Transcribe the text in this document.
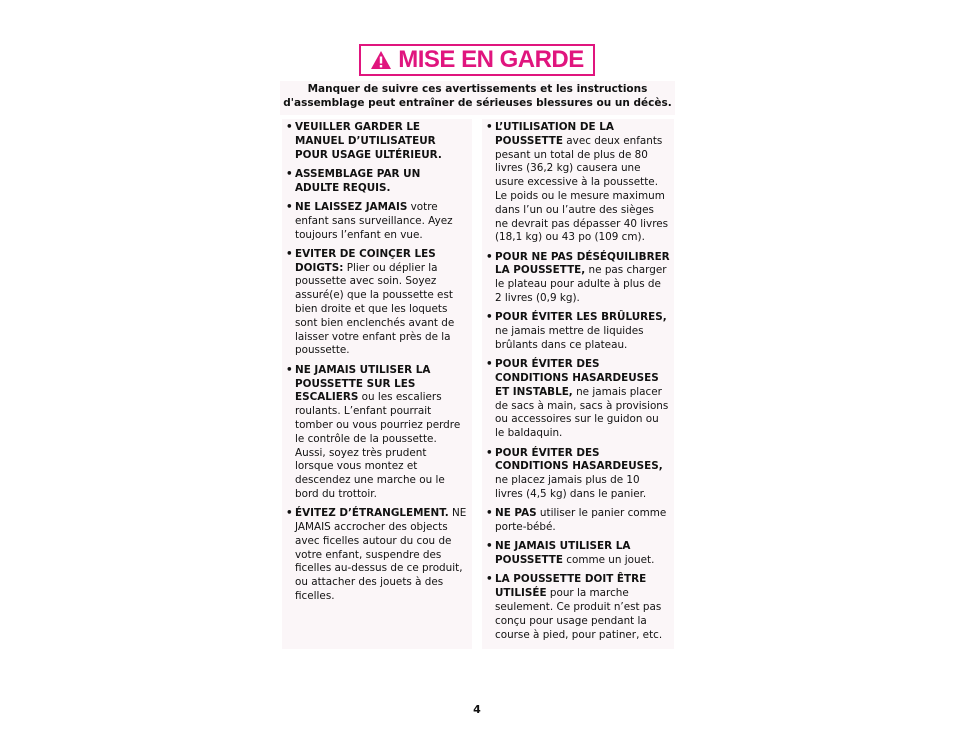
MISE EN GARDE
Manquer de suivre ces avertissements et les instructions
d'assemblage peut entraîner de sérieuses blessures ou un décès.
• VEUILLER GARDER LE MANUEL D’UTILISATEUR POUR USAGE ULTÉRIEUR.
• ASSEMBLAGE PAR UN ADULTE REQUIS.
• NE LAISSEZ JAMAIS votre enfant sans surveillance. Ayez toujours l’enfant en vue.
• EVITER DE COINÇER LES DOIGTS: Plier ou déplier la poussette avec soin. Soyez assuré(e) que la poussette est bien droite et que les loquets sont bien enclenchés avant de laisser votre enfant près de la poussette.
• NE JAMAIS UTILISER LA POUSSETTE SUR LES ESCALIERS ou les escaliers roulants. L’enfant pourrait tomber ou vous pourriez perdre le contrôle de la poussette. Aussi, soyez très prudent lorsque vous montez et descendez une marche ou le bord du trottoir.
• ÉVITEZ D’ÉTRANGLEMENT. NE JAMAIS accrocher des objects avec ficelles autour du cou de votre enfant, suspendre des ficelles au-dessus de ce produit, ou attacher des jouets à des ficelles.
• L’UTILISATION DE LA POUSSETTE avec deux enfants pesant un total de plus de 80 livres (36,2 kg) causera une usure excessive à la poussette. Le poids ou le mesure maximum dans l’un ou l’autre des sièges ne devrait pas dépasser 40 livres (18,1 kg) ou 43 po (109 cm).
• POUR NE PAS DÉSÉQUILIBRER LA POUSSETTE, ne pas charger le plateau pour adulte à plus de 2 livres (0,9 kg).
• POUR ÉVITER LES BRÛLURES, ne jamais mettre de liquides brûlants dans ce plateau.
• POUR ÉVITER DES CONDITIONS HASARDEUSES ET INSTABLE, ne jamais placer de sacs à main, sacs à provisions ou accessoires sur le guidon ou le baldaquin.
• POUR ÉVITER DES CONDITIONS HASARDEUSES, ne placez jamais plus de 10 livres (4,5 kg) dans le panier.
• NE PAS utiliser le panier comme porte-bébé.
• NE JAMAIS UTILISER LA POUSSETTE comme un jouet.
• LA POUSSETTE DOIT ÊTRE UTILISÉE pour la marche seulement. Ce produit n’est pas conçu pour usage pendant la course à pied, pour patiner, etc.
4
